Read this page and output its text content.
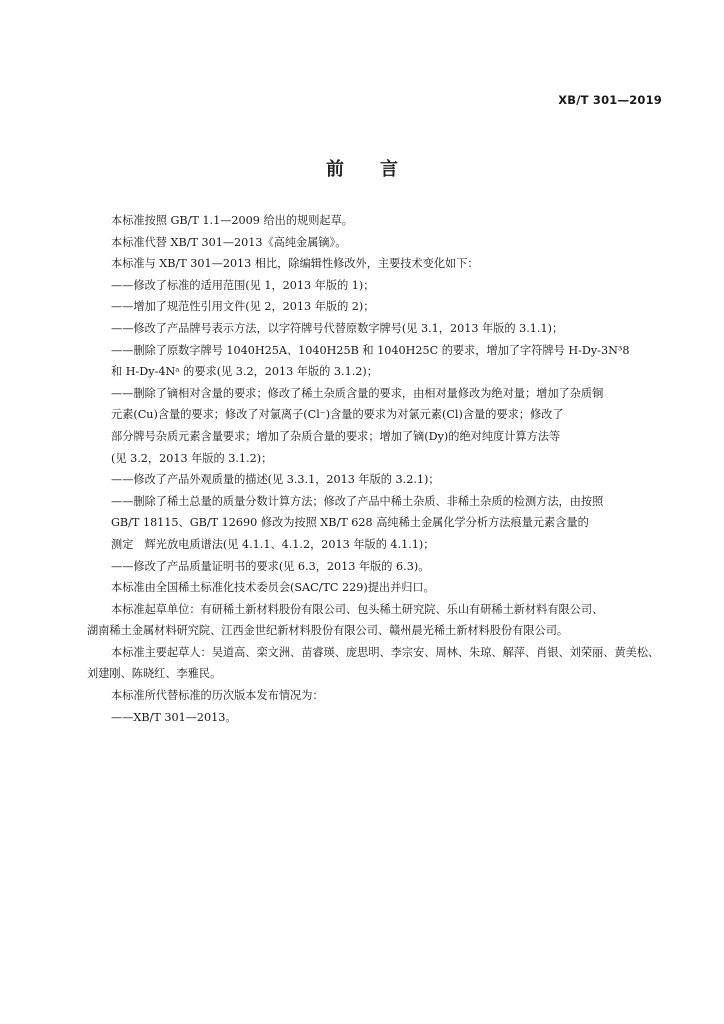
XB/T 301—2019
前言
本标准按照 GB/T 1.1—2009 给出的规则起草。
本标准代替 XB/T 301—2013《高纯金属镝》。
本标准与 XB/T 301—2013 相比，除编辑性修改外，主要技术变化如下：
——修改了标准的适用范围(见 1，2013 年版的 1)；
——增加了规范性引用文件(见 2，2013 年版的 2)；
——修改了产品牌号表示方法，以字符牌号代替原数字牌号(见 3.1，2013 年版的 3.1.1)；
——删除了原数字牌号 1040H25A、1040H25B 和 1040H25C 的要求，增加了字符牌号 H-Dy-3N³8
和 H-Dy-4Nᵃ 的要求(见 3.2，2013 年版的 3.1.2)；
——删除了镝相对含量的要求；修改了稀土杂质含量的要求，由相对量修改为绝对量；增加了杂质铜
元素(Cu)含量的要求；修改了对氯离子(Cl⁻)含量的要求为对氯元素(Cl)含量的要求；修改了
部分牌号杂质元素含量要求；增加了杂质合量的要求；增加了镝(Dy)的绝对纯度计算方法等
(见 3.2，2013 年版的 3.1.2)；
——修改了产品外观质量的描述(见 3.3.1，2013 年版的 3.2.1)；
——删除了稀土总量的质量分数计算方法；修改了产品中稀土杂质、非稀土杂质的检测方法，由按照
GB/T 18115、GB/T 12690 修改为按照 XB/T 628 高纯稀土金属化学分析方法痕量元素含量的
测定　辉光放电质谱法(见 4.1.1、4.1.2，2013 年版的 4.1.1)；
——修改了产品质量证明书的要求(见 6.3，2013 年版的 6.3)。
本标准由全国稀土标准化技术委员会(SAC/TC 229)提出并归口。
本标准起草单位：有研稀土新材料股份有限公司、包头稀土研究院、乐山有研稀土新材料有限公司、
湖南稀土金属材料研究院、江西金世纪新材料股份有限公司、赣州晨光稀土新材料股份有限公司。
本标准主要起草人：吴道高、栾文洲、苗睿瑛、庞思明、李宗安、周林、朱琼、解萍、肖银、刘荣丽、黄美松、
刘建刚、陈晓红、李雅民。
本标准所代替标准的历次版本发布情况为：
——XB/T 301—2013。
